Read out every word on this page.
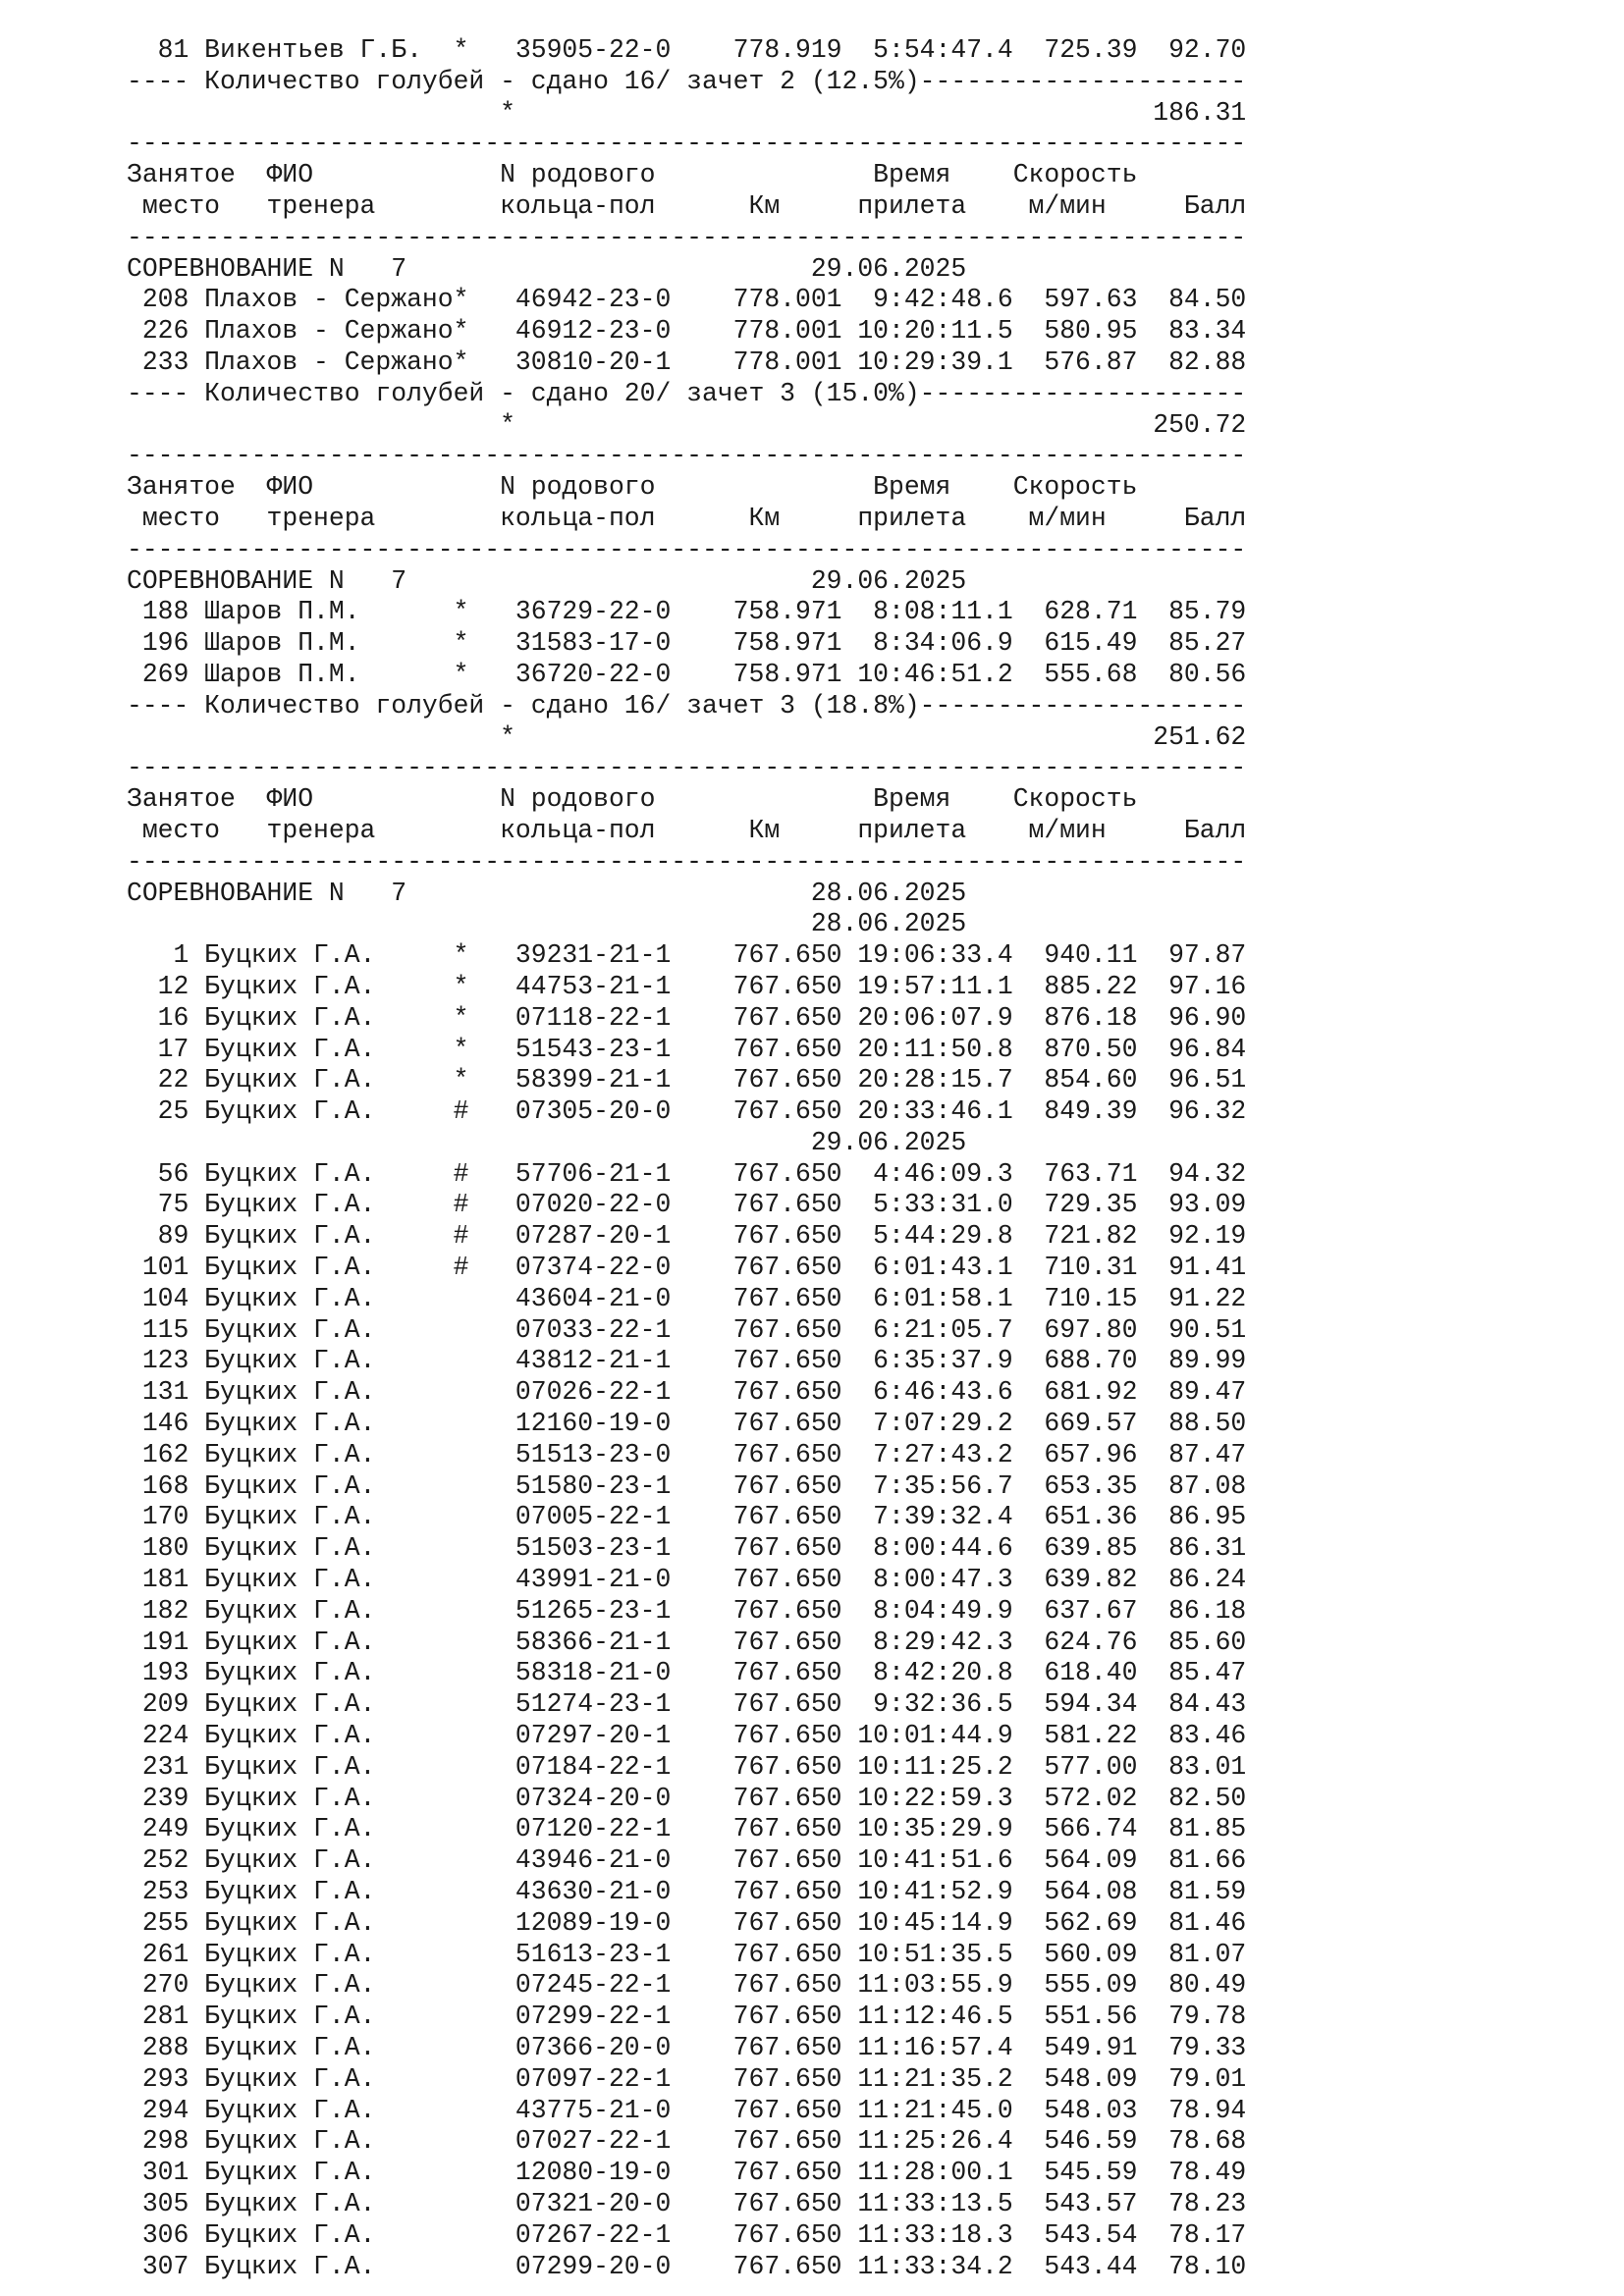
81 Викентьев Г.Б.  *   35905-22-0    778.919  5:54:47.4  725.39  92.70
---- Количество голубей - сдано 16/ зачет 2 (12.5%)---------------------
*                                         186.31
------------------------------------------------------------------------
Занятое  ФИО            N родового              Время    Скорость
место   тренера        кольца-пол      Км     прилета    м/мин     Балл
------------------------------------------------------------------------
СОРЕВНОВАНИЕ N   7                          29.06.2025
208 Плахов - Сержано*   46942-23-0    778.001  9:42:48.6  597.63  84.50
226 Плахов - Сержано*   46912-23-0    778.001 10:20:11.5  580.95  83.34
233 Плахов - Сержано*   30810-20-1    778.001 10:29:39.1  576.87  82.88
---- Количество голубей - сдано 20/ зачет 3 (15.0%)---------------------
*                                         250.72
------------------------------------------------------------------------
Занятое  ФИО            N родового              Время    Скорость
место   тренера        кольца-пол      Км     прилета    м/мин     Балл
------------------------------------------------------------------------
СОРЕВНОВАНИЕ N   7                          29.06.2025
188 Шаров П.М.      *   36729-22-0    758.971  8:08:11.1  628.71  85.79
196 Шаров П.М.      *   31583-17-0    758.971  8:34:06.9  615.49  85.27
269 Шаров П.М.      *   36720-22-0    758.971 10:46:51.2  555.68  80.56
---- Количество голубей - сдано 16/ зачет 3 (18.8%)---------------------
*                                         251.62
------------------------------------------------------------------------
Занятое  ФИО            N родового              Время    Скорость
место   тренера        кольца-пол      Км     прилета    м/мин     Балл
------------------------------------------------------------------------
СОРЕВНОВАНИЕ N   7                          28.06.2025
28.06.2025
1 Буцких Г.А.     *   39231-21-1    767.650 19:06:33.4  940.11  97.87
12 Буцких Г.А.     *   44753-21-1    767.650 19:57:11.1  885.22  97.16
16 Буцких Г.А.     *   07118-22-1    767.650 20:06:07.9  876.18  96.90
17 Буцких Г.А.     *   51543-23-1    767.650 20:11:50.8  870.50  96.84
22 Буцких Г.А.     *   58399-21-1    767.650 20:28:15.7  854.60  96.51
25 Буцких Г.А.     #   07305-20-0    767.650 20:33:46.1  849.39  96.32
29.06.2025
56 Буцких Г.А.     #   57706-21-1    767.650  4:46:09.3  763.71  94.32
75 Буцких Г.А.     #   07020-22-0    767.650  5:33:31.0  729.35  93.09
89 Буцких Г.А.     #   07287-20-1    767.650  5:44:29.8  721.82  92.19
101 Буцких Г.А.     #   07374-22-0    767.650  6:01:43.1  710.31  91.41
104 Буцких Г.А.         43604-21-0    767.650  6:01:58.1  710.15  91.22
115 Буцких Г.А.         07033-22-1    767.650  6:21:05.7  697.80  90.51
123 Буцких Г.А.         43812-21-1    767.650  6:35:37.9  688.70  89.99
131 Буцких Г.А.         07026-22-1    767.650  6:46:43.6  681.92  89.47
146 Буцких Г.А.         12160-19-0    767.650  7:07:29.2  669.57  88.50
162 Буцких Г.А.         51513-23-0    767.650  7:27:43.2  657.96  87.47
168 Буцких Г.А.         51580-23-1    767.650  7:35:56.7  653.35  87.08
170 Буцких Г.А.         07005-22-1    767.650  7:39:32.4  651.36  86.95
180 Буцких Г.А.         51503-23-1    767.650  8:00:44.6  639.85  86.31
181 Буцких Г.А.         43991-21-0    767.650  8:00:47.3  639.82  86.24
182 Буцких Г.А.         51265-23-1    767.650  8:04:49.9  637.67  86.18
191 Буцких Г.А.         58366-21-1    767.650  8:29:42.3  624.76  85.60
193 Буцких Г.А.         58318-21-0    767.650  8:42:20.8  618.40  85.47
209 Буцких Г.А.         51274-23-1    767.650  9:32:36.5  594.34  84.43
224 Буцких Г.А.         07297-20-1    767.650 10:01:44.9  581.22  83.46
231 Буцких Г.А.         07184-22-1    767.650 10:11:25.2  577.00  83.01
239 Буцких Г.А.         07324-20-0    767.650 10:22:59.3  572.02  82.50
249 Буцких Г.А.         07120-22-1    767.650 10:35:29.9  566.74  81.85
252 Буцких Г.А.         43946-21-0    767.650 10:41:51.6  564.09  81.66
253 Буцких Г.А.         43630-21-0    767.650 10:41:52.9  564.08  81.59
255 Буцких Г.А.         12089-19-0    767.650 10:45:14.9  562.69  81.46
261 Буцких Г.А.         51613-23-1    767.650 10:51:35.5  560.09  81.07
270 Буцких Г.А.         07245-22-1    767.650 11:03:55.9  555.09  80.49
281 Буцких Г.А.         07299-22-1    767.650 11:12:46.5  551.56  79.78
288 Буцких Г.А.         07366-20-0    767.650 11:16:57.4  549.91  79.33
293 Буцких Г.А.         07097-22-1    767.650 11:21:35.2  548.09  79.01
294 Буцких Г.А.         43775-21-0    767.650 11:21:45.0  548.03  78.94
298 Буцких Г.А.         07027-22-1    767.650 11:25:26.4  546.59  78.68
301 Буцких Г.А.         12080-19-0    767.650 11:28:00.1  545.59  78.49
305 Буцких Г.А.         07321-20-0    767.650 11:33:13.5  543.57  78.23
306 Буцких Г.А.         07267-22-1    767.650 11:33:18.3  543.54  78.17
307 Буцких Г.А.         07299-20-0    767.650 11:33:34.2  543.44  78.10
